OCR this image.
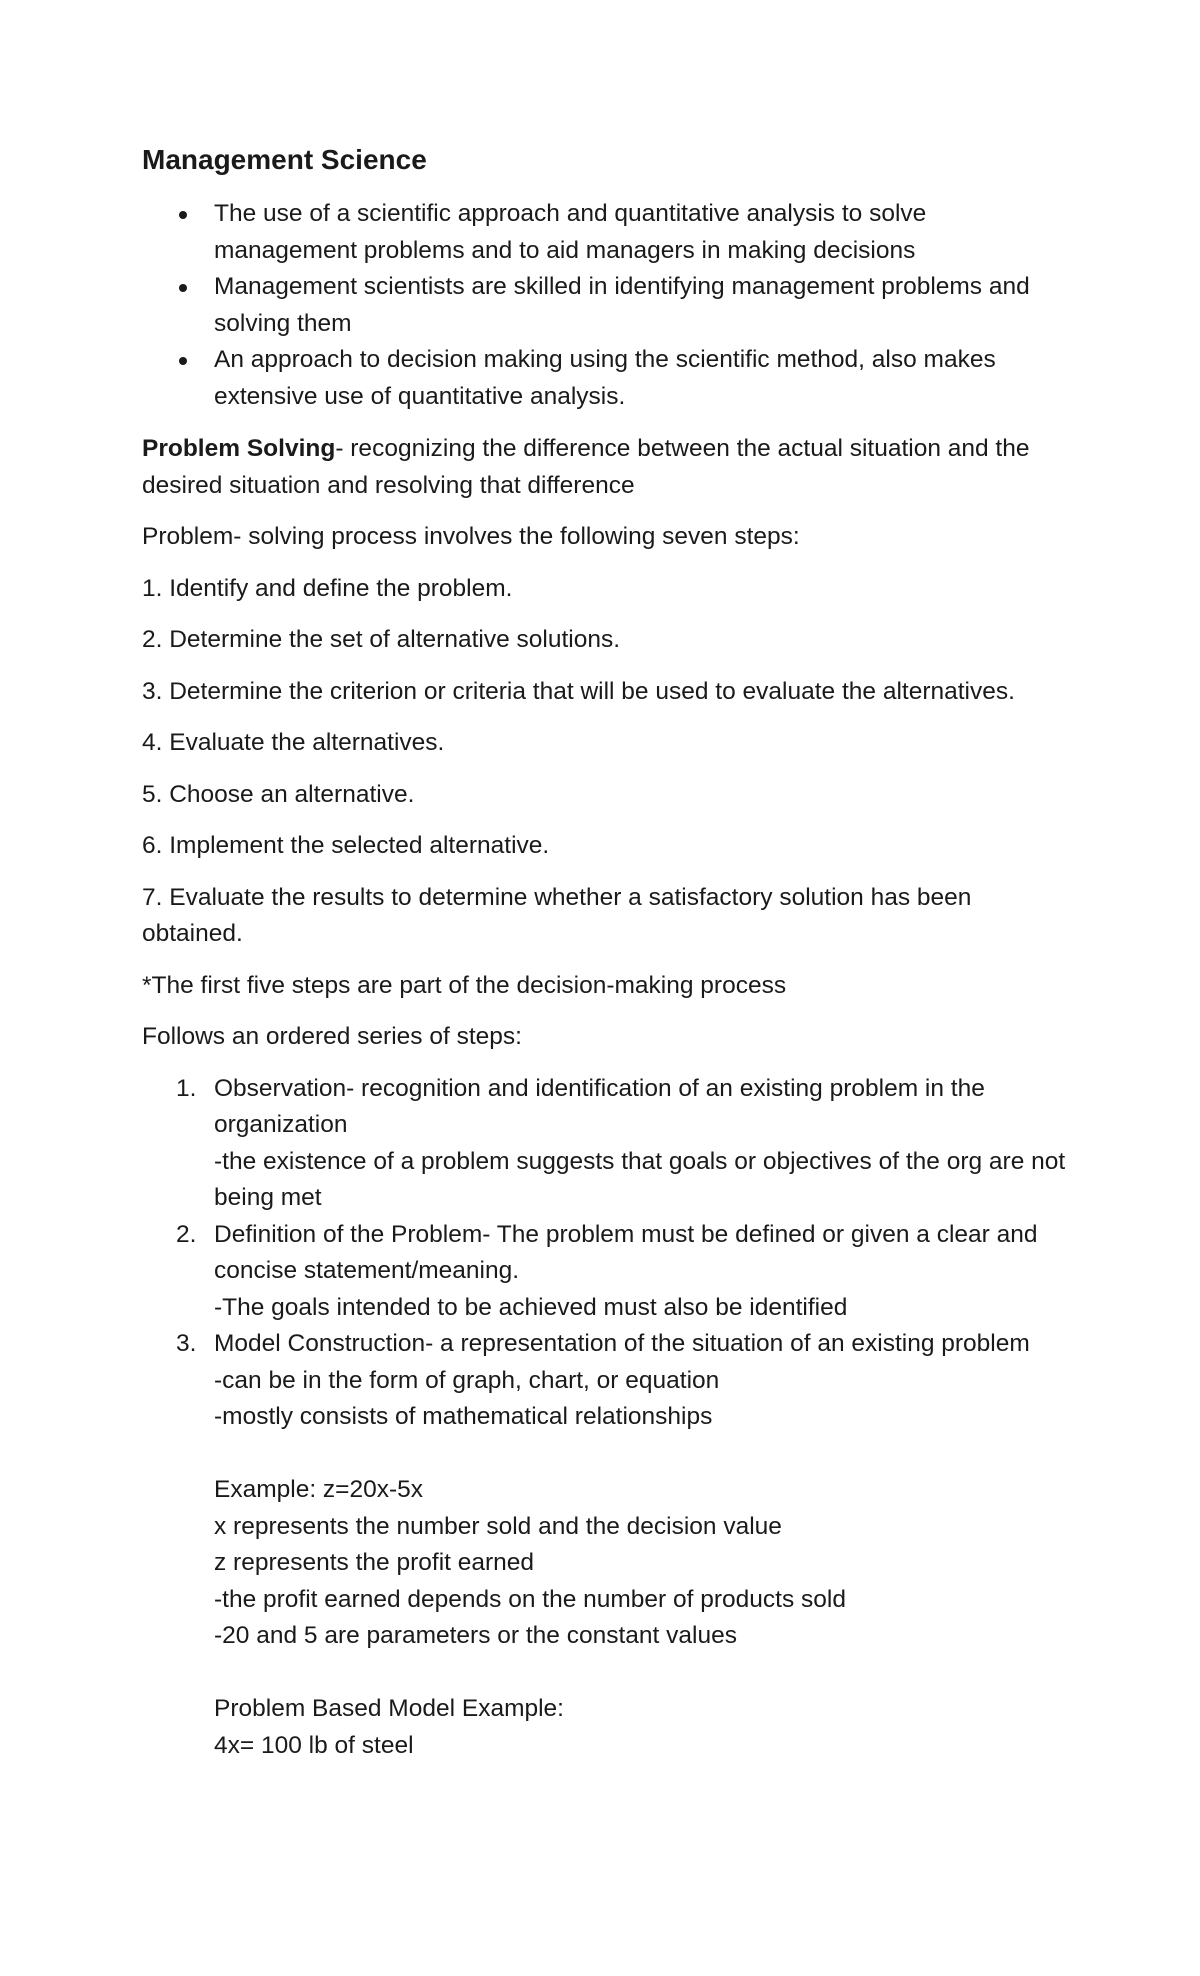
Management Science
The use of a scientific approach and quantitative analysis to solve management problems and to aid managers in making decisions
Management scientists are skilled in identifying management problems and solving them
An approach to decision making using the scientific method, also makes extensive use of quantitative analysis.

Problem Solving- recognizing the difference between the actual situation and the desired situation and resolving that difference

Problem- solving process involves the following seven steps:

1. Identify and define the problem.

2. Determine the set of alternative solutions.

3. Determine the criterion or criteria that will be used to evaluate the alternatives.

4. Evaluate the alternatives.

5. Choose an alternative.

6. Implement the selected alternative.

7. Evaluate the results to determine whether a satisfactory solution has been obtained.

*The first five steps are part of the decision-making process

Follows an ordered series of steps:

1. Observation- recognition and identification of an existing problem in the organization
-the existence of a problem suggests that goals or objectives of the org are not being met
2. Definition of the Problem- The problem must be defined or given a clear and concise statement/meaning.
-The goals intended to be achieved must also be identified
3. Model Construction- a representation of the situation of an existing problem
-can be in the form of graph, chart, or equation
-mostly consists of mathematical relationships
Example: z=20x-5x
x represents the number sold and the decision value
z represents the profit earned
-the profit earned depends on the number of products sold
-20 and 5 are parameters or the constant values
Problem Based Model Example:
4x= 100 lb of steel
